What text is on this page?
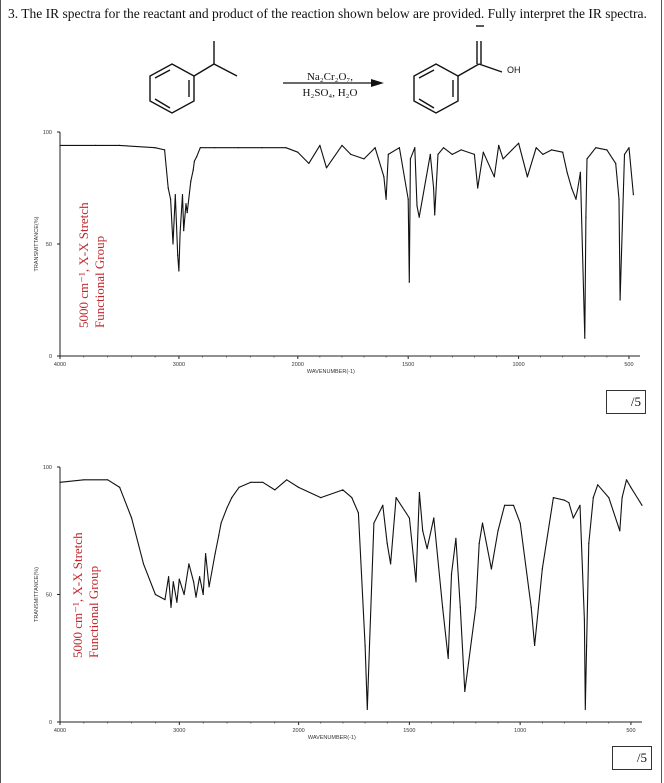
3. The IR spectra for the reactant and product of the reaction shown below are provided. Fully interpret the IR spectra.
Na₂Cr₂O₇,
H₂SO₄, H₂O
OH
100
50
0
TRANSMITTANCE(%)
4000	3000	2000	1500	1000	500
WAVENUMBER(-1)
5000 cm⁻¹, X-X Stretch
Functional Group
/5
100
50
0
TRANSMITTANCE(%)
4000	3000	2000	1500	1000	500
WAVENUMBER(-1)
5000 cm⁻¹, X-X Stretch
Functional Group
/5
